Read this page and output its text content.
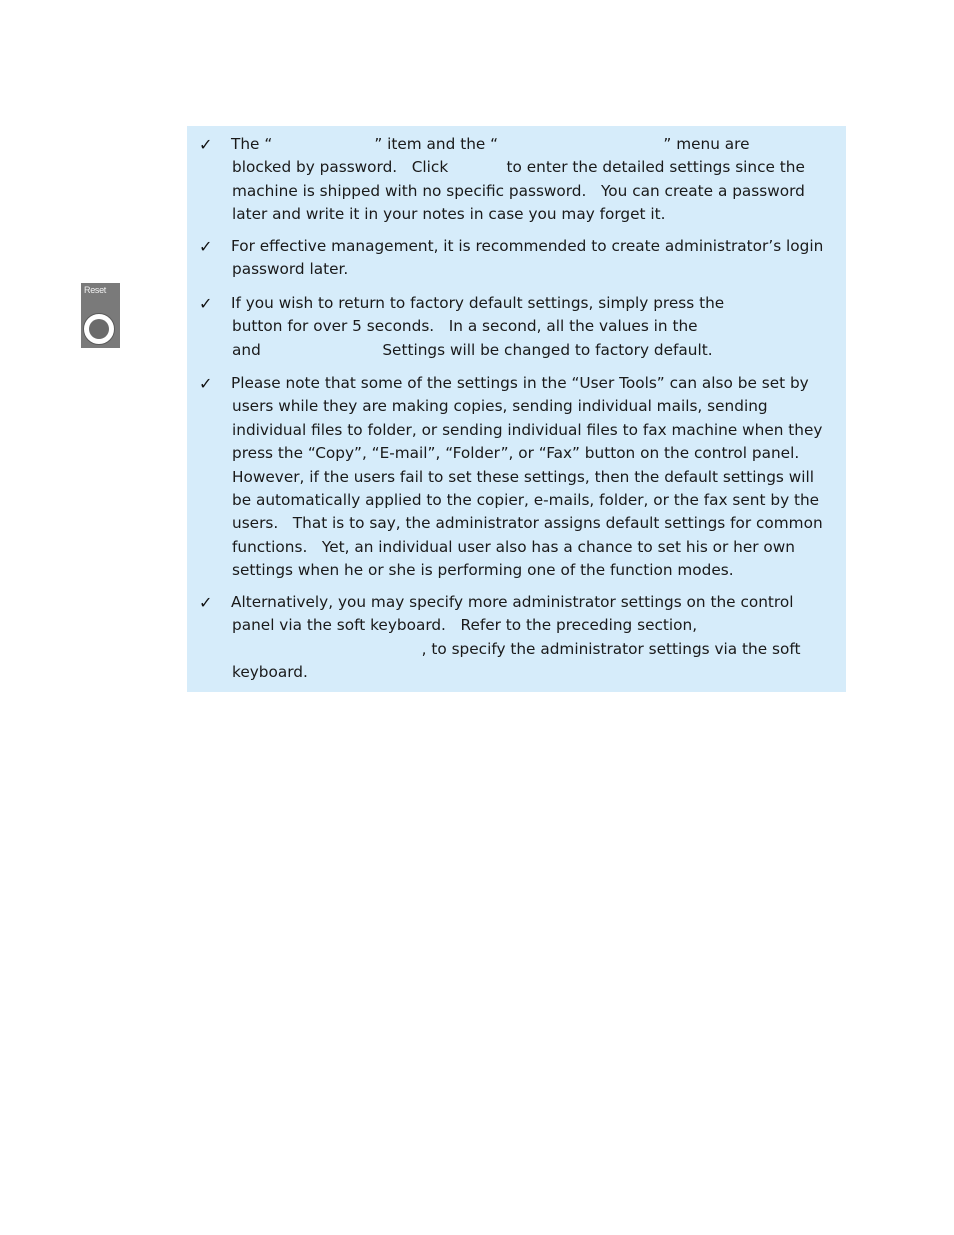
Reset
✓ The “                     ” item and the “                                  ” menu are
blocked by password.   Click            to enter the detailed settings since the
machine is shipped with no specific password.   You can create a password
later and write it in your notes in case you may forget it.
✓ For effective management, it is recommended to create administrator’s login
password later.
✓ If you wish to return to factory default settings, simply press the
button for over 5 seconds.   In a second, all the values in the
and                         Settings will be changed to factory default.
✓ Please note that some of the settings in the “User Tools” can also be set by
users while they are making copies, sending individual mails, sending
individual files to folder, or sending individual files to fax machine when they
press the “Copy”, “E-mail”, “Folder”, or “Fax” button on the control panel.
However, if the users fail to set these settings, then the default settings will
be automatically applied to the copier, e-mails, folder, or the fax sent by the
users.   That is to say, the administrator assigns default settings for common
functions.   Yet, an individual user also has a chance to set his or her own
settings when he or she is performing one of the function modes.
✓ Alternatively, you may specify more administrator settings on the control
panel via the soft keyboard.   Refer to the preceding section,
, to specify the administrator settings via the soft
keyboard.
